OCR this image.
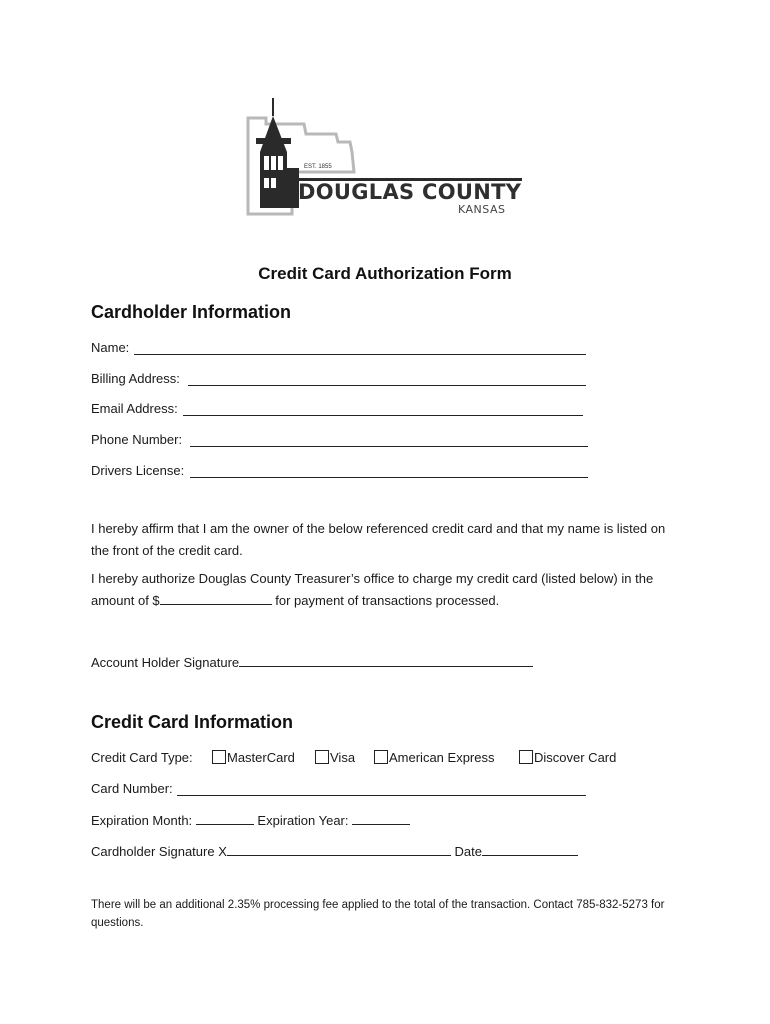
EST. 1855
DOUGLAS COUNTY
KANSAS
Credit Card Authorization Form
Cardholder Information
Name:
Billing Address:
Email Address:
Phone Number:
Drivers License:
I hereby affirm that I am the owner of the below referenced credit card and that my name is listed on the front of the credit card.
I hereby authorize Douglas County Treasurer’s office to charge my credit card (listed below) in the amount of $	for payment of transactions processed.
Account Holder Signature
Credit Card Information
Credit Card Type:	MasterCard	Visa	American Express	Discover Card
Card Number:
Expiration Month:	Expiration Year:
Cardholder Signature X	Date
There will be an additional 2.35% processing fee applied to the total of the transaction. Contact 785-832-5273 for questions.
